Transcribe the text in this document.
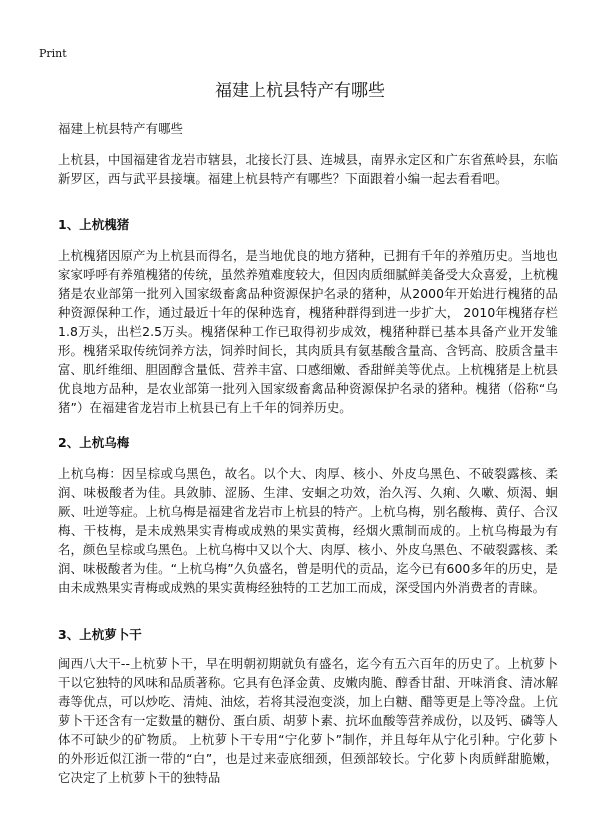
Print
福建上杭县特产有哪些
福建上杭县特产有哪些

上杭县，中国福建省龙岩市辖县，北接长汀县、连城县，南界永定区和广东省蕉岭县，东临新罗区，西与武平县接壤。福建上杭县特产有哪些？下面跟着小编一起去看看吧。

1、上杭槐猪

上杭槐猪因原产为上杭县而得名，是当地优良的地方猪种，已拥有千年的养殖历史。当地也家家呼呼有养殖槐猪的传统，虽然养殖难度较大，但因肉质细腻鲜美备受大众喜爱，上杭槐猪是农业部第一批列入国家级畜禽品种资源保护名录的猪种，从2000年开始进行槐猪的品种资源保种工作，通过最近十年的保种选育，槐猪种群得到进一步扩大， 2010年槐猪存栏1.8万头，出栏2.5万头。槐猪保种工作已取得初步成效，槐猪种群已基本具备产业开发雏形。槐猪采取传统饲养方法，饲养时间长，其肉质具有氨基酸含量高、含钙高、胶质含量丰富、肌纤维细、胆固醇含量低、营养丰富、口感细嫩、香甜鲜美等优点。上杭槐猪是上杭县优良地方品种，是农业部第一批列入国家级畜禽品种资源保护名录的猪种。槐猪（俗称“乌猪”）在福建省龙岩市上杭县已有上千年的饲养历史。

2、上杭乌梅

上杭乌梅：因呈棕或乌黑色，故名。以个大、肉厚、核小、外皮乌黑色、不破裂露核、柔润、味极酸者为佳。具敛肺、涩肠、生津、安蛔之功效，治久泻、久痢、久嗽、烦渴、蛔厥、吐逆等症。上杭乌梅是福建省龙岩市上杭县的特产。上杭乌梅，别名酸梅、黄仔、合汉梅、干枝梅，是未成熟果实青梅或成熟的果实黄梅，经烟火熏制而成的。上杭乌梅最为有名，颜色呈棕或乌黑色。上杭乌梅中又以个大、肉厚、核小、外皮乌黑色、不破裂露核、柔润、味极酸者为佳。“上杭乌梅”久负盛名，曾是明代的贡品，迄今已有600多年的历史，是由未成熟果实青梅或成熟的果实黄梅经独特的工艺加工而成，深受国内外消费者的青睐。

3、上杭萝卜干

闽西八大干--上杭萝卜干，早在明朝初期就负有盛名，迄今有五六百年的历史了。上杭萝卜干以它独特的风味和品质著称。它具有色泽金黄、皮嫩肉脆、醇香甘甜、开味消食、清冰解毒等优点，可以炒吃、清炖、油炫，若将其浸泡变淡，加上白糖、醋等更是上等冷盘。上伉萝卜干还含有一定数量的糖份、蛋白质、胡萝卜素、抗坏血酸等营养成份，以及钙、磷等人体不可缺少的矿物质。 上杭萝卜干专用“宁化萝卜”制作，并且每年从宁化引种。宁化萝卜的外形近似江浙一带的“白”，也是过来壶底细颈，但颈部较长。宁化萝卜肉质鲜甜脆嫩，它决定了上杭萝卜干的独特品
